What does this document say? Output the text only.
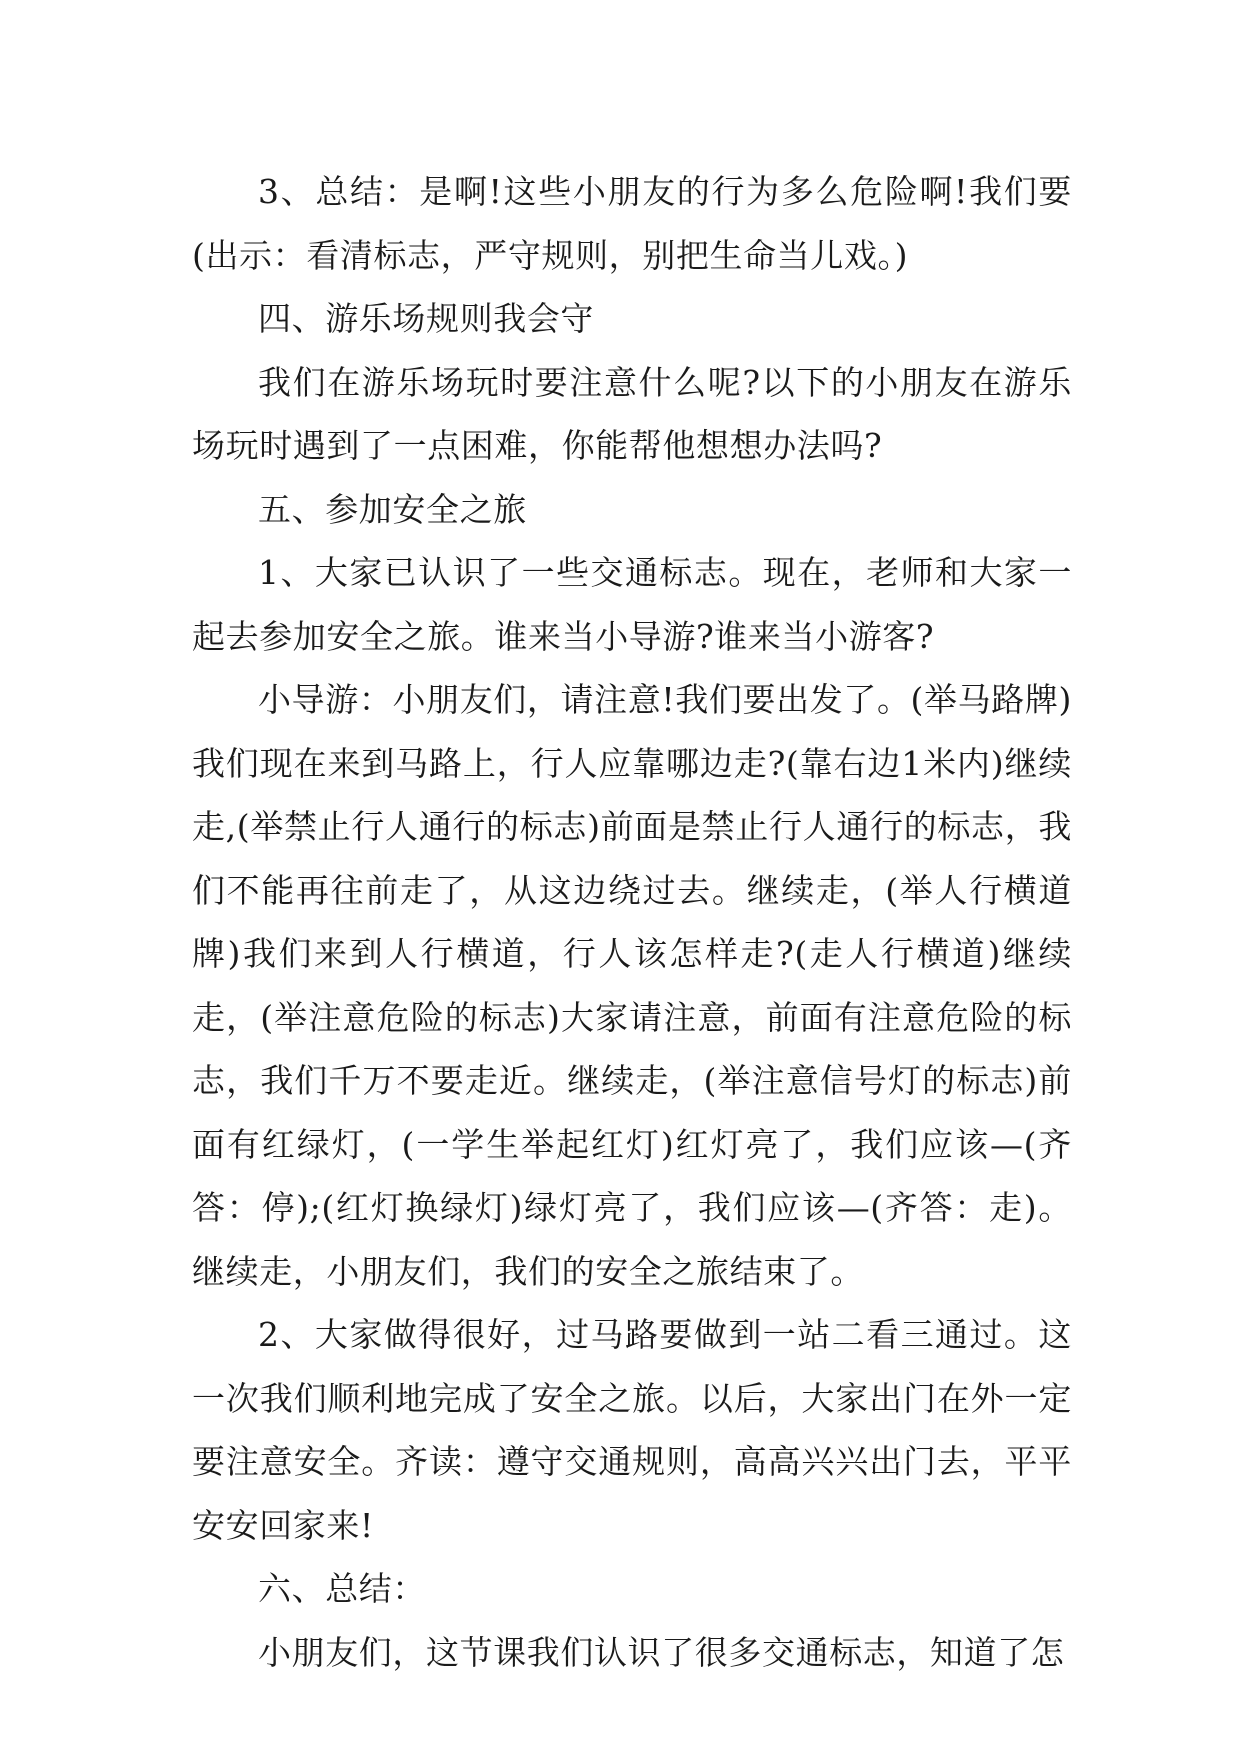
3、总结：是啊!这些小朋友的行为多么危险啊!我们要(出示：看清标志，严守规则，别把生命当儿戏。)

四、游乐场规则我会守

我们在游乐场玩时要注意什么呢?以下的小朋友在游乐场玩时遇到了一点困难，你能帮他想想办法吗?

五、参加安全之旅

1、大家已认识了一些交通标志。现在，老师和大家一起去参加安全之旅。谁来当小导游?谁来当小游客?

小导游：小朋友们，请注意!我们要出发了。(举马路牌)我们现在来到马路上，行人应靠哪边走?(靠右边1米内)继续走,(举禁止行人通行的标志)前面是禁止行人通行的标志，我们不能再往前走了，从这边绕过去。继续走，(举人行横道牌)我们来到人行横道，行人该怎样走?(走人行横道)继续走，(举注意危险的标志)大家请注意，前面有注意危险的标志，我们千万不要走近。继续走，(举注意信号灯的标志)前面有红绿灯，(一学生举起红灯)红灯亮了，我们应该—(齐答：停);(红灯换绿灯)绿灯亮了，我们应该—(齐答：走)。继续走，小朋友们，我们的安全之旅结束了。

2、大家做得很好，过马路要做到一站二看三通过。这一次我们顺利地完成了安全之旅。以后，大家出门在外一定要注意安全。齐读：遵守交通规则，高高兴兴出门去，平平安安回家来!

六、总结：

小朋友们，这节课我们认识了很多交通标志，知道了怎
